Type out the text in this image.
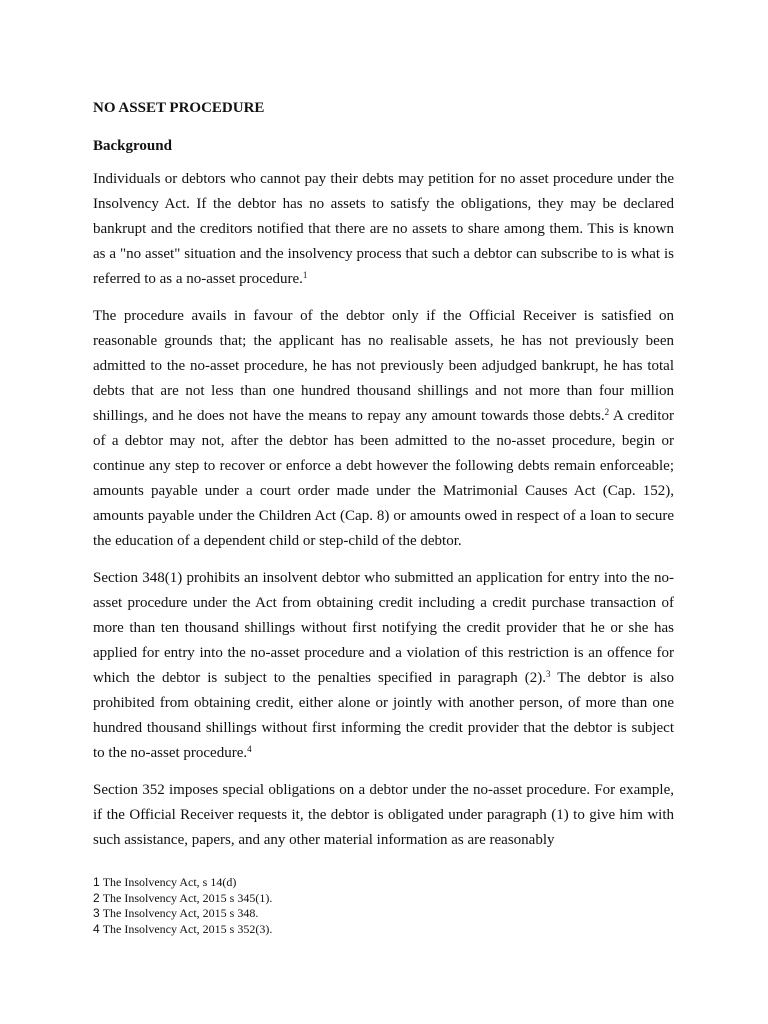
NO ASSET PROCEDURE

Background

Individuals or debtors who cannot pay their debts may petition for no asset procedure under the Insolvency Act. If the debtor has no assets to satisfy the obligations, they may be declared bankrupt and the creditors notified that there are no assets to share among them. This is known as a "no asset" situation and the insolvency process that such a debtor can subscribe to is what is referred to as a no-asset procedure.$^1$

The procedure avails in favour of the debtor only if the Official Receiver is satisfied on reasonable grounds that; the applicant has no realisable assets, he has not previously been admitted to the no-asset procedure, he has not previously been adjudged bankrupt, he has total debts that are not less than one hundred thousand shillings and not more than four million shillings, and he does not have the means to repay any amount towards those debts.$^2$ A creditor of a debtor may not, after the debtor has been admitted to the no-asset procedure, begin or continue any step to recover or enforce a debt however the following debts remain enforceable; amounts payable under a court order made under the Matrimonial Causes Act (Cap. 152), amounts payable under the Children Act (Cap. 8) or amounts owed in respect of a loan to secure the education of a dependent child or step-child of the debtor.

Section 348(1) prohibits an insolvent debtor who submitted an application for entry into the no-asset procedure under the Act from obtaining credit including a credit purchase transaction of more than ten thousand shillings without first notifying the credit provider that he or she has applied for entry into the no-asset procedure and a violation of this restriction is an offence for which the debtor is subject to the penalties specified in paragraph (2).$^3$ The debtor is also prohibited from obtaining credit, either alone or jointly with another person, of more than one hundred thousand shillings without first informing the credit provider that the debtor is subject to the no-asset procedure.$^4$

Section 352 imposes special obligations on a debtor under the no-asset procedure. For example, if the Official Receiver requests it, the debtor is obligated under paragraph (1) to give him with such assistance, papers, and any other material information as are reasonably

1 The Insolvency Act, s 14(d)

2 The Insolvency Act, 2015 s 345(1).

3 The Insolvency Act, 2015 s 348.

4 The Insolvency Act, 2015 s 352(3).
